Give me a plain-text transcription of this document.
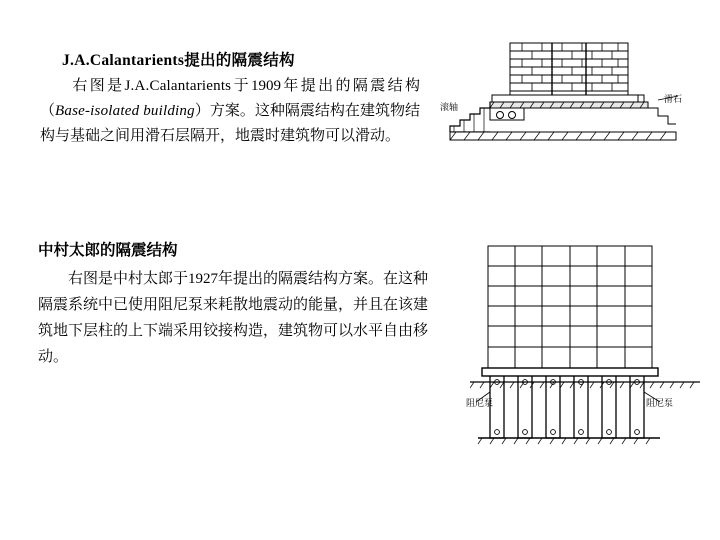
J.A.Calantarients提出的隔震结构
右图是J.A.Calantarients于1909年提出的隔震结构（Base-isolated building）方案。这种隔震结构在建筑物结构与基础之间用滑石层隔开，地震时建筑物可以滑动。
中村太郎的隔震结构
右图是中村太郎于1927年提出的隔震结构方案。在这种隔震系统中已使用阻尼泵来耗散地震动的能量，并且在该建筑地下层柱的上下端采用铰接构造，建筑物可以水平自由移动。
滚轴
滑石
阻尼泵	阻尼泵
